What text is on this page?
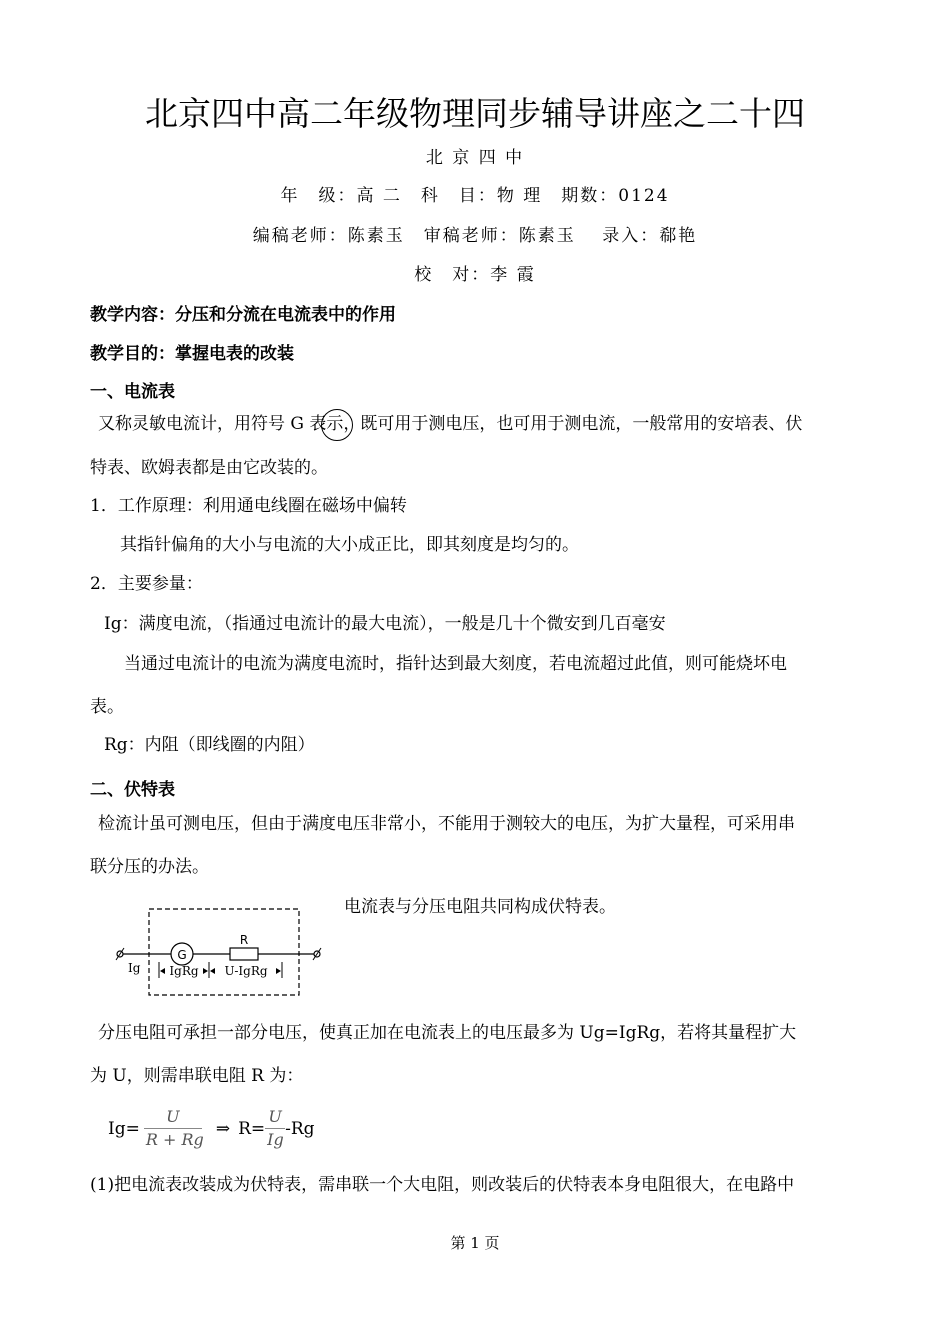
北京四中高二年级物理同步辅导讲座之二十四
北 京 四 中
年　级：高 二　科　目：物 理　期数：0124
编稿老师：陈素玉　审稿老师：陈素玉　 录入：郗艳
校　对：李 霞
教学内容：分压和分流在电流表中的作用
教学目的：掌握电表的改装
一、电流表
又称灵敏电流计，用符号 G 表示，既可用于测电压，也可用于测电流，一般常用的安培表、伏
特表、欧姆表都是由它改装的。
1．工作原理：利用通电线圈在磁场中偏转
其指针偏角的大小与电流的大小成正比，即其刻度是均匀的。
2．主要参量：
Ig：满度电流，（指通过电流计的最大电流），一般是几十个微安到几百毫安
当通过电流计的电流为满度电流时，指针达到最大刻度，若电流超过此值，则可能烧坏电
表。
Rg：内阻（即线圈的内阻）
二、伏特表
检流计虽可测电压，但由于满度电压非常小，不能用于测较大的电压，为扩大量程，可采用串
联分压的办法。
电流表与分压电阻共同构成伏特表。
G
R
Ig IgRg U-IgRg
分压电阻可承担一部分电压，使真正加在电流表上的电压最多为 Ug=IgRg，若将其量程扩大
为 U，则需串联电阻 R 为：
$Ig= \frac{U}{R + Rg}$ ⇒ $R= \frac{U}{Ig} -Rg$
(1)把电流表改装成为伏特表，需串联一个大电阻，则改装后的伏特表本身电阻很大，在电路中
第 1 页
